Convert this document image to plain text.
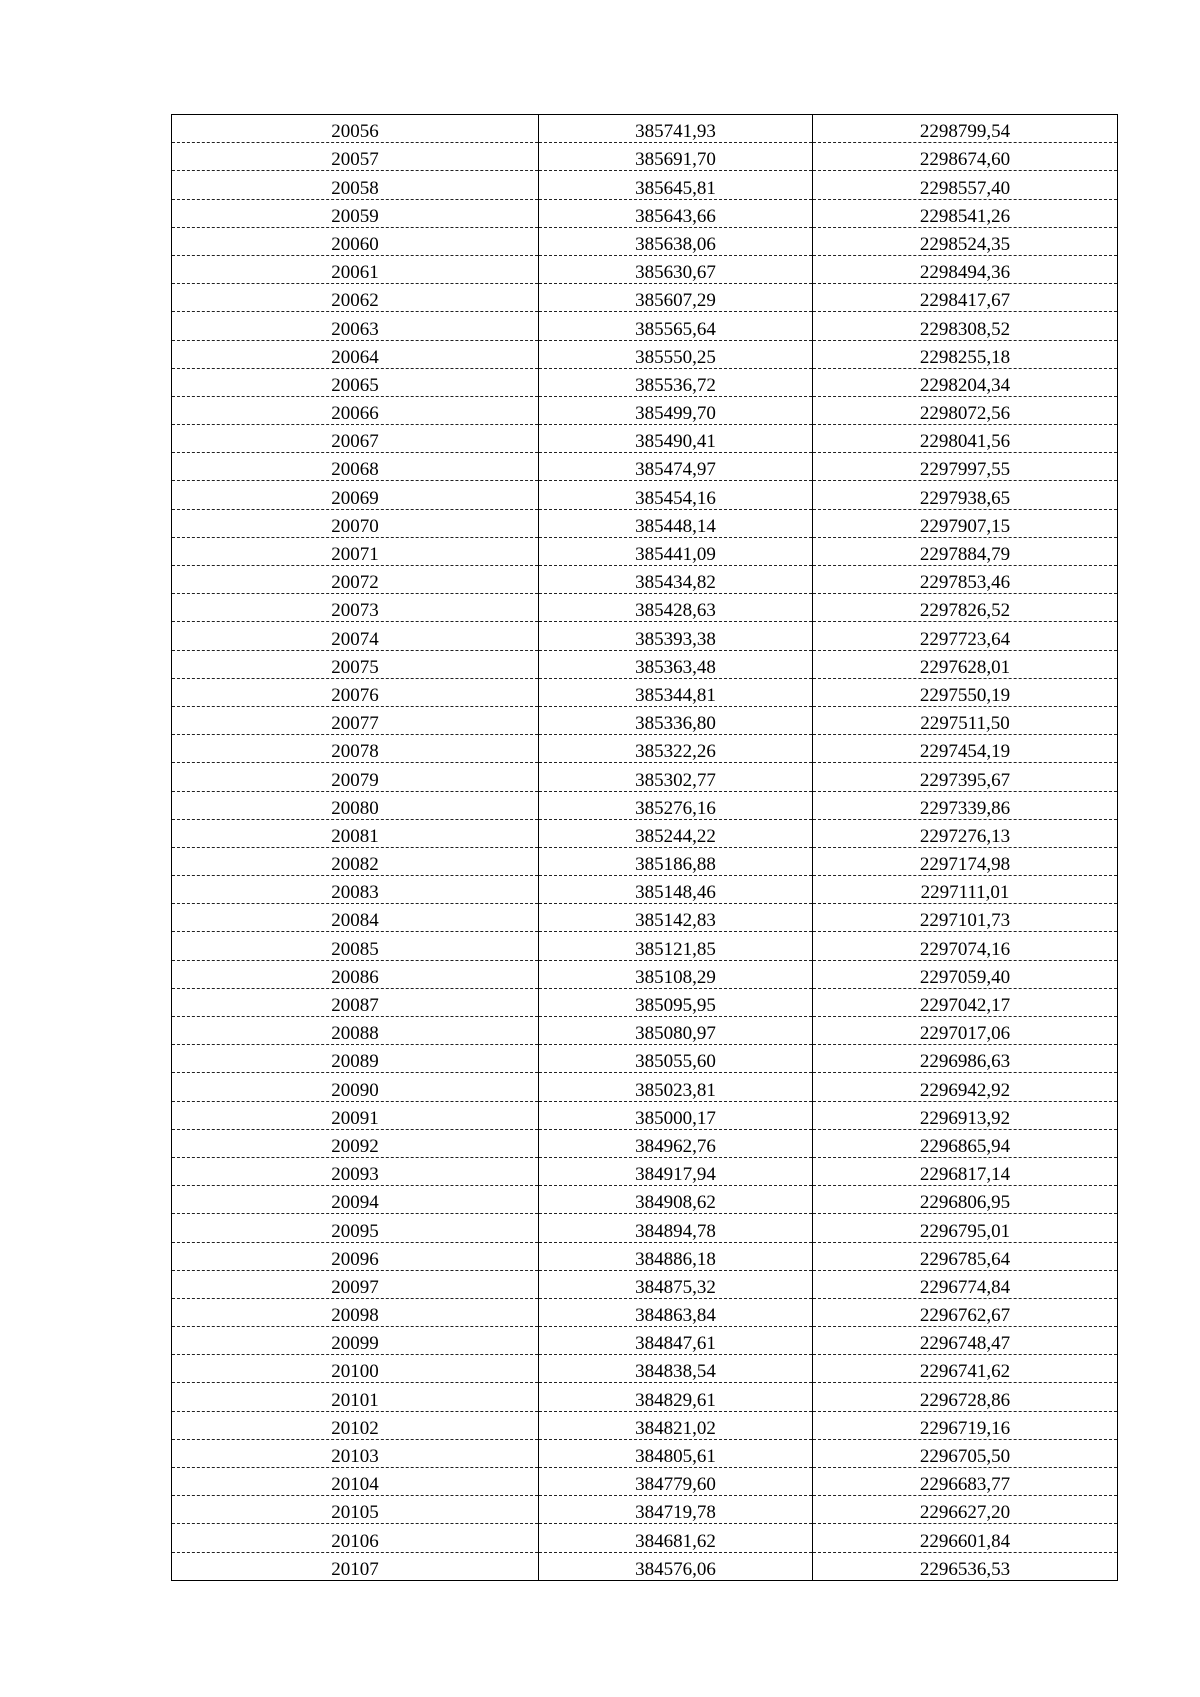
20056	385741,93	2298799,54
20057	385691,70	2298674,60
20058	385645,81	2298557,40
20059	385643,66	2298541,26
20060	385638,06	2298524,35
20061	385630,67	2298494,36
20062	385607,29	2298417,67
20063	385565,64	2298308,52
20064	385550,25	2298255,18
20065	385536,72	2298204,34
20066	385499,70	2298072,56
20067	385490,41	2298041,56
20068	385474,97	2297997,55
20069	385454,16	2297938,65
20070	385448,14	2297907,15
20071	385441,09	2297884,79
20072	385434,82	2297853,46
20073	385428,63	2297826,52
20074	385393,38	2297723,64
20075	385363,48	2297628,01
20076	385344,81	2297550,19
20077	385336,80	2297511,50
20078	385322,26	2297454,19
20079	385302,77	2297395,67
20080	385276,16	2297339,86
20081	385244,22	2297276,13
20082	385186,88	2297174,98
20083	385148,46	2297111,01
20084	385142,83	2297101,73
20085	385121,85	2297074,16
20086	385108,29	2297059,40
20087	385095,95	2297042,17
20088	385080,97	2297017,06
20089	385055,60	2296986,63
20090	385023,81	2296942,92
20091	385000,17	2296913,92
20092	384962,76	2296865,94
20093	384917,94	2296817,14
20094	384908,62	2296806,95
20095	384894,78	2296795,01
20096	384886,18	2296785,64
20097	384875,32	2296774,84
20098	384863,84	2296762,67
20099	384847,61	2296748,47
20100	384838,54	2296741,62
20101	384829,61	2296728,86
20102	384821,02	2296719,16
20103	384805,61	2296705,50
20104	384779,60	2296683,77
20105	384719,78	2296627,20
20106	384681,62	2296601,84
20107	384576,06	2296536,53
